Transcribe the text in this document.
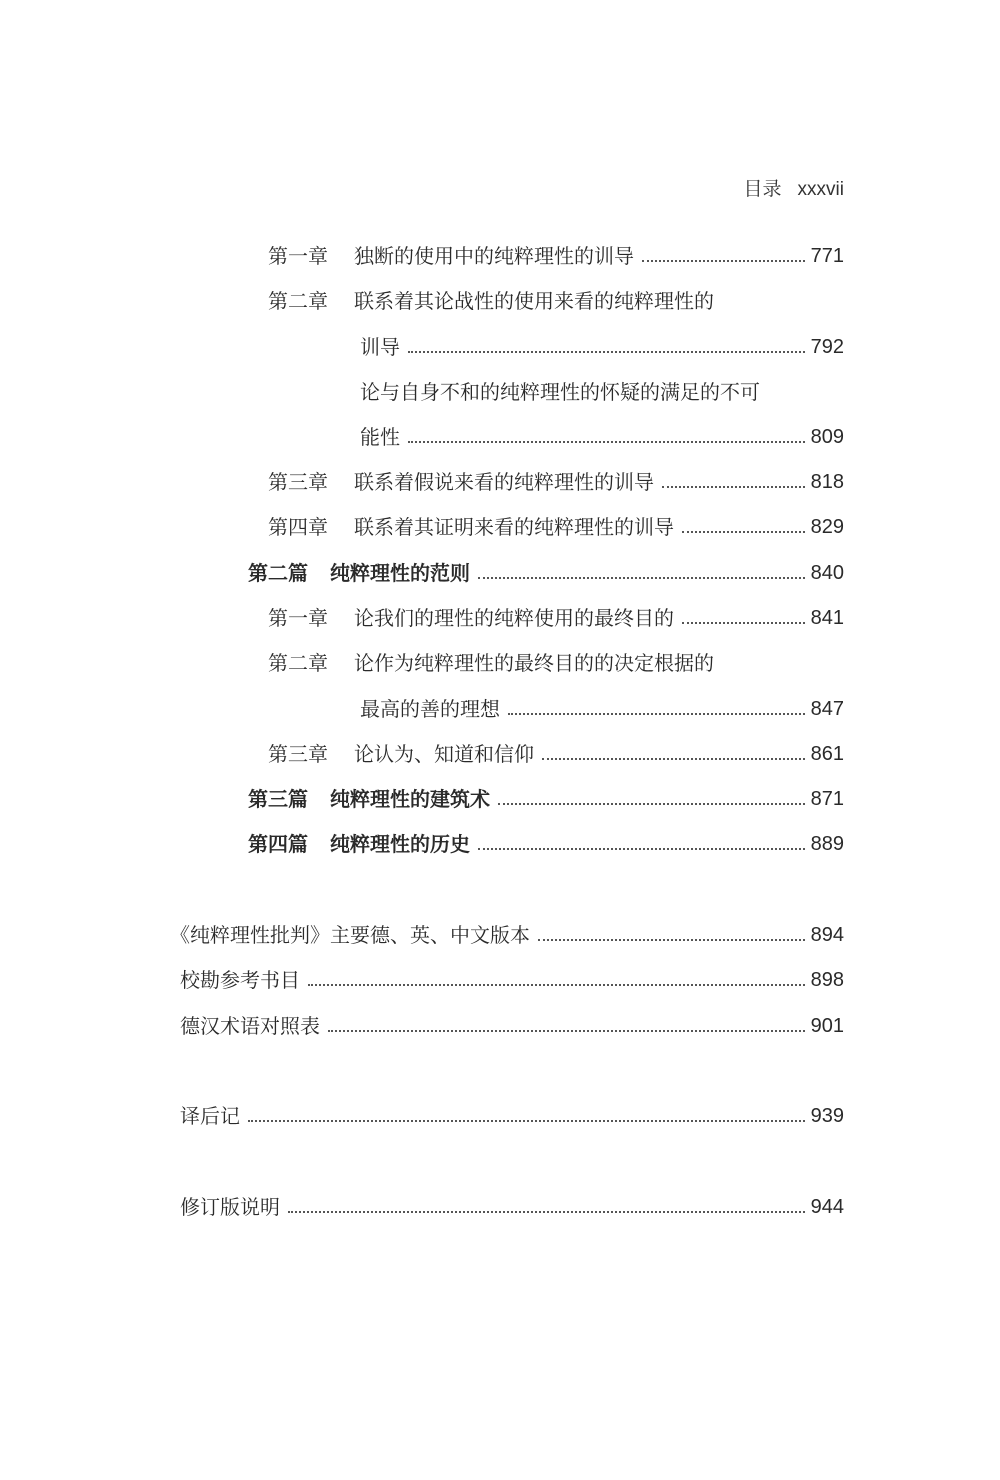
目录 xxxvii
第一章 独断的使用中的纯粹理性的训导	771
第二章 联系着其论战性的使用来看的纯粹理性的
训导	792
论与自身不和的纯粹理性的怀疑的满足的不可
能性	809
第三章 联系着假说来看的纯粹理性的训导	818
第四章 联系着其证明来看的纯粹理性的训导	829
第二篇 纯粹理性的范则	840
第一章 论我们的理性的纯粹使用的最终目的	841
第二章 论作为纯粹理性的最终目的的决定根据的
最高的善的理想	847
第三章 论认为、知道和信仰	861
第三篇 纯粹理性的建筑术	871
第四篇 纯粹理性的历史	889
《纯粹理性批判》主要德、英、中文版本	894
校勘参考书目	898
德汉术语对照表	901
译后记	939
修订版说明	944
